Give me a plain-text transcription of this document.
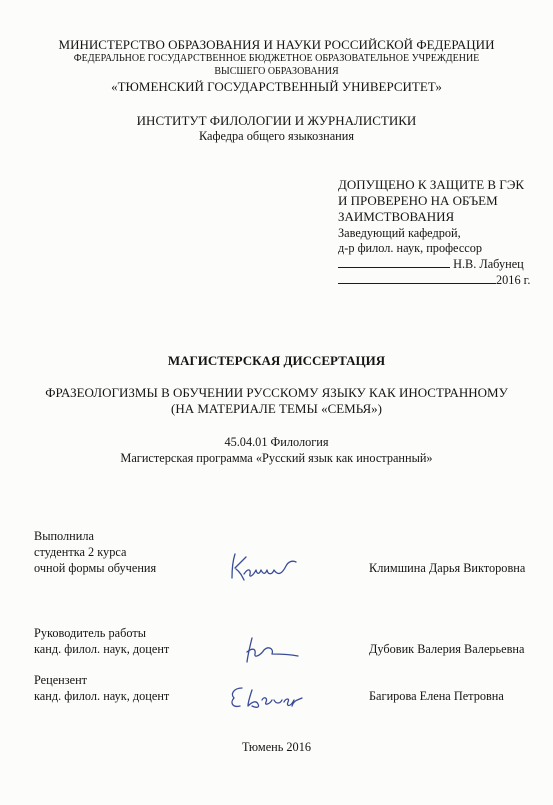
МИНИСТЕРСТВО ОБРАЗОВАНИЯ И НАУКИ РОССИЙСКОЙ ФЕДЕРАЦИИ
ФЕДЕРАЛЬНОЕ ГОСУДАРСТВЕННОЕ БЮДЖЕТНОЕ ОБРАЗОВАТЕЛЬНОЕ УЧРЕЖДЕНИЕ
ВЫСШЕГО ОБРАЗОВАНИЯ
«ТЮМЕНСКИЙ ГОСУДАРСТВЕННЫЙ УНИВЕРСИТЕТ»
ИНСТИТУТ ФИЛОЛОГИИ И ЖУРНАЛИСТИКИ
Кафедра общего языкознания
ДОПУЩЕНО К ЗАЩИТЕ В ГЭК
И ПРОВЕРЕНО НА ОБЪЕМ
ЗАИМСТВОВАНИЯ
Заведующий кафедрой,
д-р филол. наук, профессор
Н.В. Лабунец
2016 г.
МАГИСТЕРСКАЯ ДИССЕРТАЦИЯ
ФРАЗЕОЛОГИЗМЫ В ОБУЧЕНИИ РУССКОМУ ЯЗЫКУ КАК ИНОСТРАННОМУ
(НА МАТЕРИАЛЕ ТЕМЫ «СЕМЬЯ»)
45.04.01 Филология
Магистерская программа «Русский язык как иностранный»
Выполнила
студентка 2 курса
очной формы обучения	Климшина Дарья Викторовна
Руководитель работы
канд. филол. наук, доцент	Дубовик Валерия Валерьевна
Рецензент
канд. филол. наук, доцент	Багирова Елена Петровна
Тюмень 2016
